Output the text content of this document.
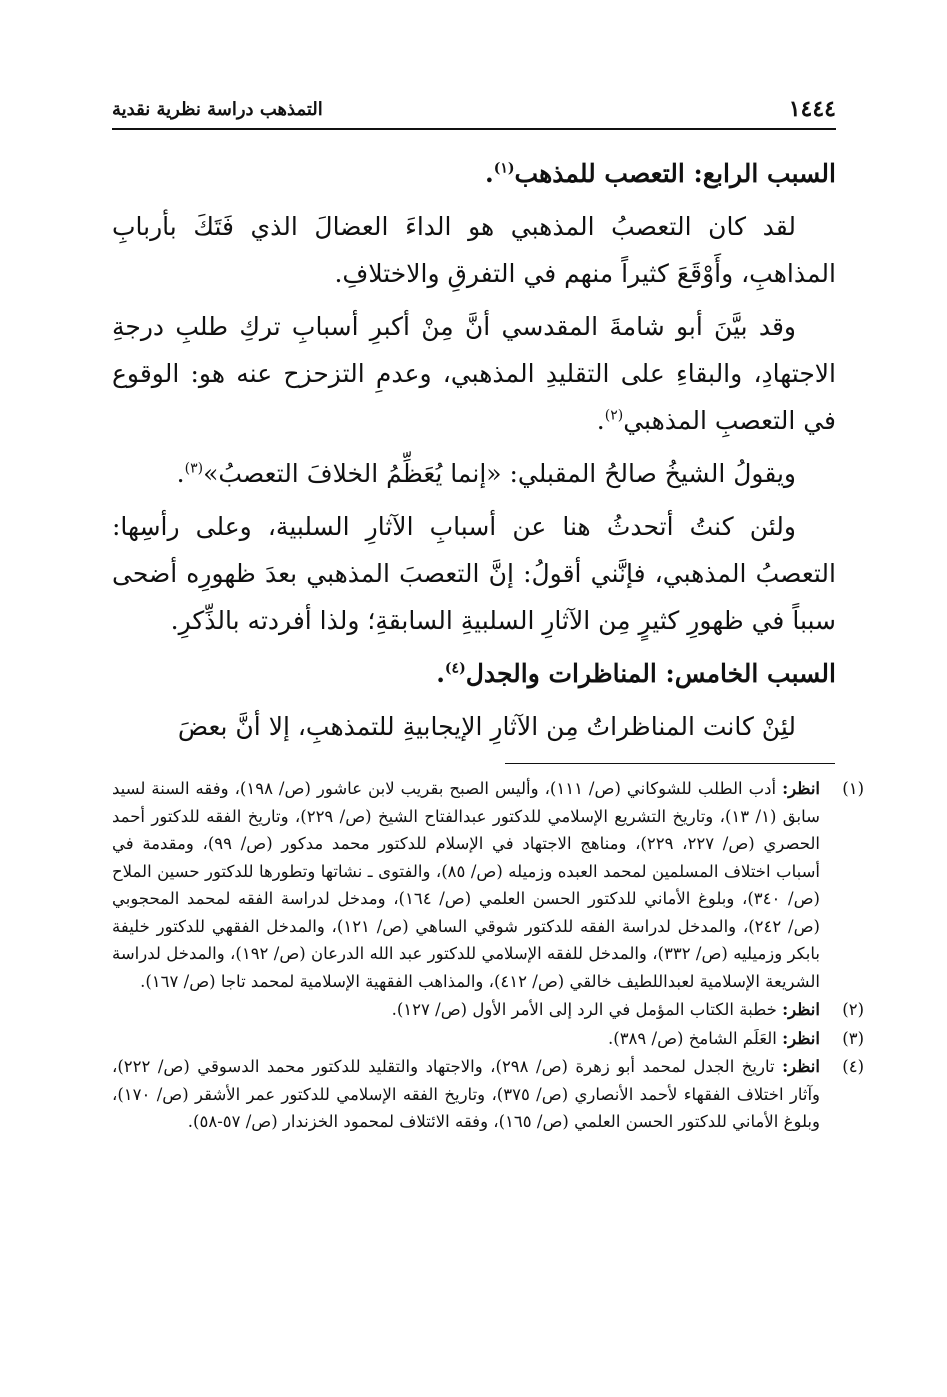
١٤٤٤
التمذهب دراسة نظرية نقدية

السبب الرابع: التعصب للمذهب$^{(١)}$.

لقد كان التعصبُ المذهبي هو الداءَ العضالَ الذي فَتَكَ بأربابِ المذاهبِ، وأَوْقَعَ كثيراً منهم في التفرقِ والاختلافِ.

وقد بيَّنَ أبو شامةَ المقدسي أنَّ مِنْ أكبرِ أسبابِ تركِ طلبِ درجةِ الاجتهادِ، والبقاءِ على التقليدِ المذهبي، وعدمِ التزحزح عنه هو: الوقوع في التعصبِ المذهبي$^{(٢)}$.

ويقولُ الشيخُ صالحُ المقبلي: «إنما يُعَظِّمُ الخلافَ التعصبُ»$^{(٣)}$.

ولئن كنتُ أتحدثُ هنا عن أسبابِ الآثارِ السلبية، وعلى رأسِها: التعصبُ المذهبي، فإنَّني أقولُ: إنَّ التعصبَ المذهبي بعدَ ظهورِه أضحى سبباً في ظهورِ كثيرٍ مِن الآثارِ السلبيةِ السابقةِ؛ ولذا أفردته بالذِّكرِ.

السبب الخامس: المناظرات والجدل$^{(٤)}$.

لئِنْ كانت المناظراتُ مِن الآثارِ الإيجابيةِ للتمذهبِ، إلا أنَّ بعضَ

(١)
انظر: أدب الطلب للشوكاني (ص/ ١١١)، وأليس الصبح بقريب لابن عاشور (ص/ ١٩٨)، وفقه السنة لسيد سابق (١/ ١٣)، وتاريخ التشريع الإسلامي للدكتور عبدالفتاح الشيخ (ص/ ٢٢٩)، وتاريخ الفقه للدكتور أحمد الحصري (ص/ ٢٢٧، ٢٢٩)، ومناهج الاجتهاد في الإسلام للدكتور محمد مدكور (ص/ ٩٩)، ومقدمة في أسباب اختلاف المسلمين لمحمد العبده وزميله (ص/ ٨٥)، والفتوى ـ نشاتها وتطورها للدكتور حسين الملاح (ص/ ٣٤٠)، وبلوغ الأماني للدكتور الحسن العلمي (ص/ ١٦٤)، ومدخل لدراسة الفقه لمحمد المحجوبي (ص/ ٢٤٢)، والمدخل لدراسة الفقه للدكتور شوقي الساهي (ص/ ١٢١)، والمدخل الفقهي للدكتور خليفة بابكر وزميليه (ص/ ٣٣٢)، والمدخل للفقه الإسلامي للدكتور عبد الله الدرعان (ص/ ١٩٢)، والمدخل لدراسة الشريعة الإسلامية لعبداللطيف خالقي (ص/ ٤١٢)، والمذاهب الفقهية الإسلامية لمحمد تاجا (ص/ ١٦٧).
(٢)
انظر: خطبة الكتاب المؤمل في الرد إلى الأمر الأول (ص/ ١٢٧).
(٣)
انظر: العَلَم الشامخ (ص/ ٣٨٩).
(٤)
انظر: تاريخ الجدل لمحمد أبو زهرة (ص/ ٢٩٨)، والاجتهاد والتقليد للدكتور محمد الدسوقي (ص/ ٢٢٢)، وآثار اختلاف الفقهاء لأحمد الأنصاري (ص/ ٣٧٥)، وتاريخ الفقه الإسلامي للدكتور عمر الأشقر (ص/ ١٧٠)، وبلوغ الأماني للدكتور الحسن العلمي (ص/ ١٦٥)، وفقه الائتلاف لمحمود الخزندار (ص/ ٥٧-٥٨).
